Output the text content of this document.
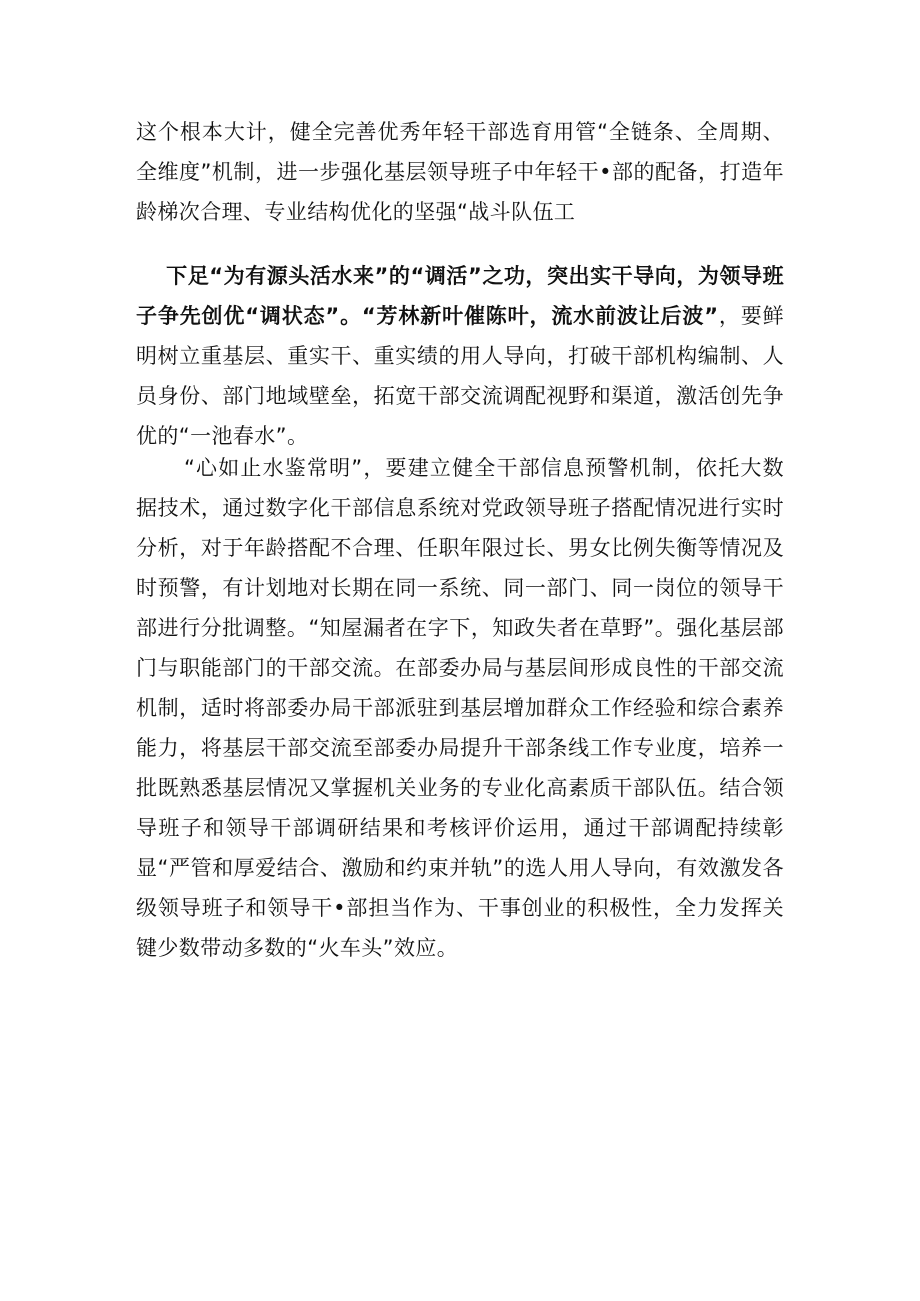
这个根本大计，健全完善优秀年轻干部选育用管“全链条、全周期、全维度”机制，进一步强化基层领导班子中年轻干•部的配备，打造年龄梯次合理、专业结构优化的坚强“战斗队伍工

下足“为有源头活水来”的“调活”之功，突出实干导向，为领导班子争先创优“调状态”。“芳林新叶催陈叶，流水前波让后波”，要鲜明树立重基层、重实干、重实绩的用人导向，打破干部机构编制、人员身份、部门地域壁垒，拓宽干部交流调配视野和渠道，激活创先争优的“一池春水”。

“心如止水鉴常明”，要建立健全干部信息预警机制，依托大数据技术，通过数字化干部信息系统对党政领导班子搭配情况进行实时分析，对于年龄搭配不合理、任职年限过长、男女比例失衡等情况及时预警，有计划地对长期在同一系统、同一部门、同一岗位的领导干部进行分批调整。“知屋漏者在字下，知政失者在草野”。强化基层部门与职能部门的干部交流。在部委办局与基层间形成良性的干部交流机制，适时将部委办局干部派驻到基层增加群众工作经验和综合素养能力，将基层干部交流至部委办局提升干部条线工作专业度，培养一批既熟悉基层情况又掌握机关业务的专业化高素质干部队伍。结合领导班子和领导干部调研结果和考核评价运用，通过干部调配持续彰显“严管和厚爱结合、激励和约束并轨”的选人用人导向，有效激发各级领导班子和领导干•部担当作为、干事创业的积极性，全力发挥关键少数带动多数的“火车头”效应。
